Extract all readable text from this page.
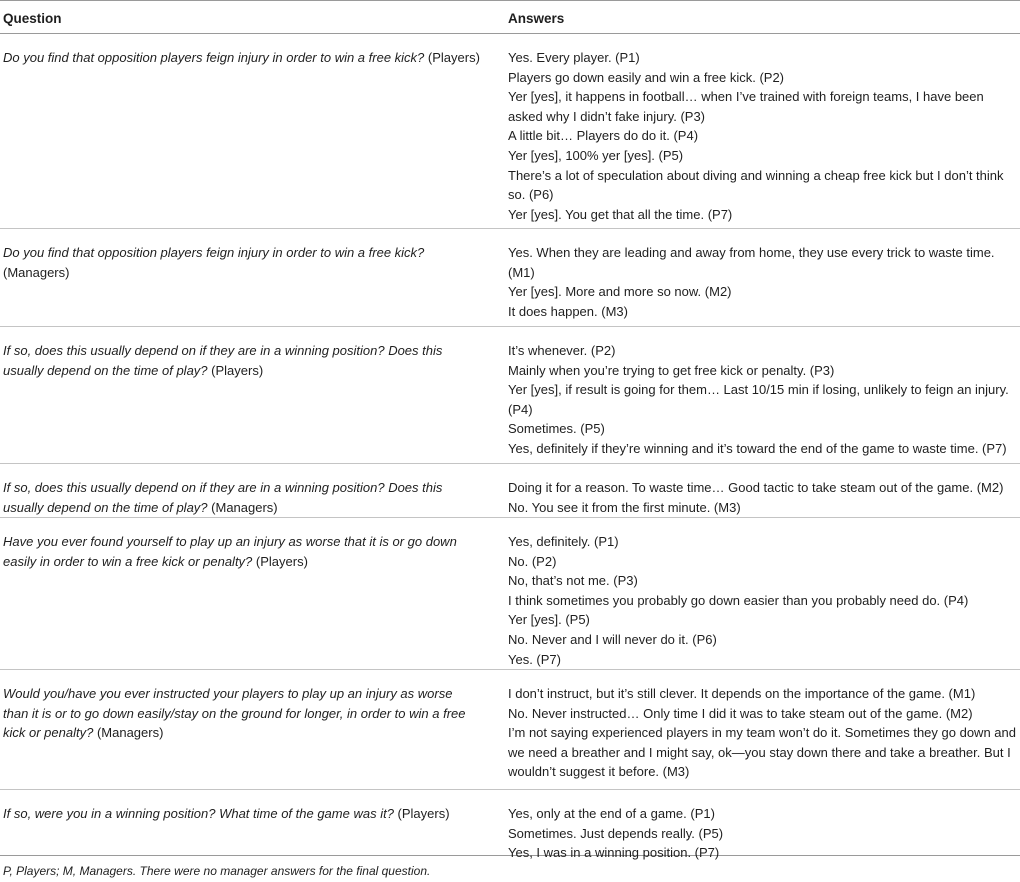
Question	Answers
Do you find that opposition players feign injury in order to win a free kick? (Players) Yes. Every player. (P1)
Players go down easily and win a free kick. (P2)
Yer [yes], it happens in football… when I’ve trained with foreign teams, I have been asked why I didn’t fake injury. (P3)
A little bit… Players do do it. (P4)
Yer [yes], 100% yer [yes]. (P5)
There’s a lot of speculation about diving and winning a cheap free kick but I don’t think so. (P6)
Yer [yes]. You get that all the time. (P7)
Do you find that opposition players feign injury in order to win a free kick? (Managers)
Yes. When they are leading and away from home, they use every trick to waste time. (M1)
Yer [yes]. More and more so now. (M2)
It does happen. (M3)
If so, does this usually depend on if they are in a winning position? Does this usually depend on the time of play? (Players)
It’s whenever. (P2)
Mainly when you’re trying to get free kick or penalty. (P3)
Yer [yes], if result is going for them… Last 10/15 min if losing, unlikely to feign an injury. (P4)
Sometimes. (P5)
Yes, definitely if they’re winning and it’s toward the end of the game to waste time. (P7)
If so, does this usually depend on if they are in a winning position? Does this usually depend on the time of play? (Managers)
Doing it for a reason. To waste time… Good tactic to take steam out of the game. (M2)
No. You see it from the first minute. (M3)
Have you ever found yourself to play up an injury as worse that it is or go down easily in order to win a free kick or penalty? (Players)
Yes, definitely. (P1)
No. (P2)
No, that’s not me. (P3)
I think sometimes you probably go down easier than you probably need do. (P4)
Yer [yes]. (P5)
No. Never and I will never do it. (P6)
Yes. (P7)
Would you/have you ever instructed your players to play up an injury as worse than it is or to go down easily/stay on the ground for longer, in order to win a free kick or penalty? (Managers)
I don’t instruct, but it’s still clever. It depends on the importance of the game. (M1)
No. Never instructed… Only time I did it was to take steam out of the game. (M2)
I’m not saying experienced players in my team won’t do it. Sometimes they go down and we need a breather and I might say, ok—you stay down there and take a breather. But I wouldn’t suggest it before. (M3)
If so, were you in a winning position? What time of the game was it? (Players)	Yes, only at the end of a game. (P1)
Sometimes. Just depends really. (P5)
Yes, I was in a winning position. (P7)
P, Players; M, Managers. There were no manager answers for the final question.
